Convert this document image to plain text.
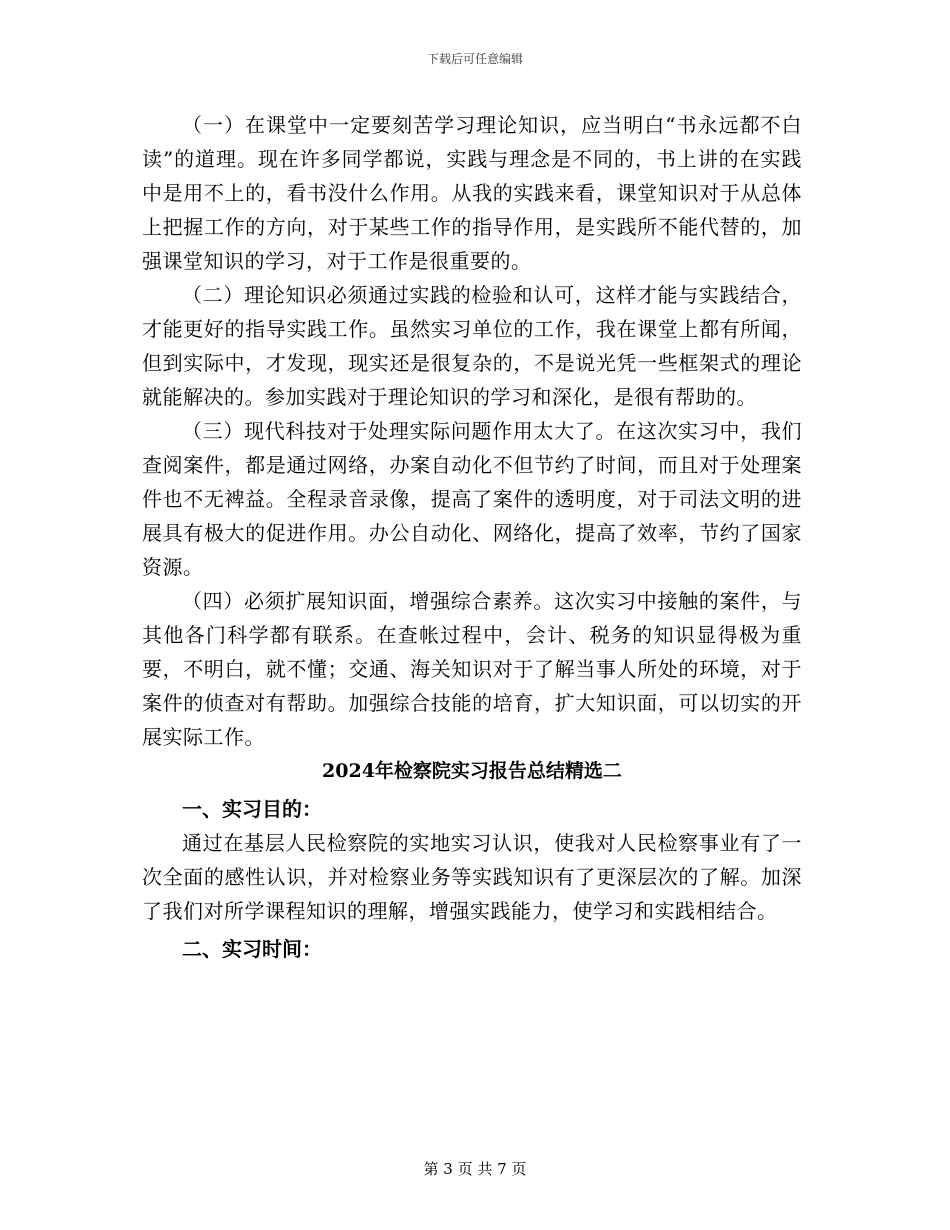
下载后可任意编辑

（一）在课堂中一定要刻苦学习理论知识，应当明白“书永远都不白读”的道理。现在许多同学都说，实践与理念是不同的，书上讲的在实践中是用不上的，看书没什么作用。从我的实践来看，课堂知识对于从总体上把握工作的方向，对于某些工作的指导作用，是实践所不能代替的，加强课堂知识的学习，对于工作是很重要的。

（二）理论知识必须通过实践的检验和认可，这样才能与实践结合，才能更好的指导实践工作。虽然实习单位的工作，我在课堂上都有所闻，但到实际中，才发现，现实还是很复杂的，不是说光凭一些框架式的理论就能解决的。参加实践对于理论知识的学习和深化，是很有帮助的。

（三）现代科技对于处理实际问题作用太大了。在这次实习中，我们查阅案件，都是通过网络，办案自动化不但节约了时间，而且对于处理案件也不无裨益。全程录音录像，提高了案件的透明度，对于司法文明的进展具有极大的促进作用。办公自动化、网络化，提高了效率，节约了国家资源。

（四）必须扩展知识面，增强综合素养。这次实习中接触的案件，与其他各门科学都有联系。在查帐过程中，会计、税务的知识显得极为重要，不明白，就不懂；交通、海关知识对于了解当事人所处的环境，对于案件的侦查对有帮助。加强综合技能的培育，扩大知识面，可以切实的开展实际工作。

2024年检察院实习报告总结精选二
一、实习目的：

通过在基层人民检察院的实地实习认识，使我对人民检察事业有了一次全面的感性认识，并对检察业务等实践知识有了更深层次的了解。加深了我们对所学课程知识的理解，增强实践能力，使学习和实践相结合。

二、实习时间：
第 3 页 共 7 页
